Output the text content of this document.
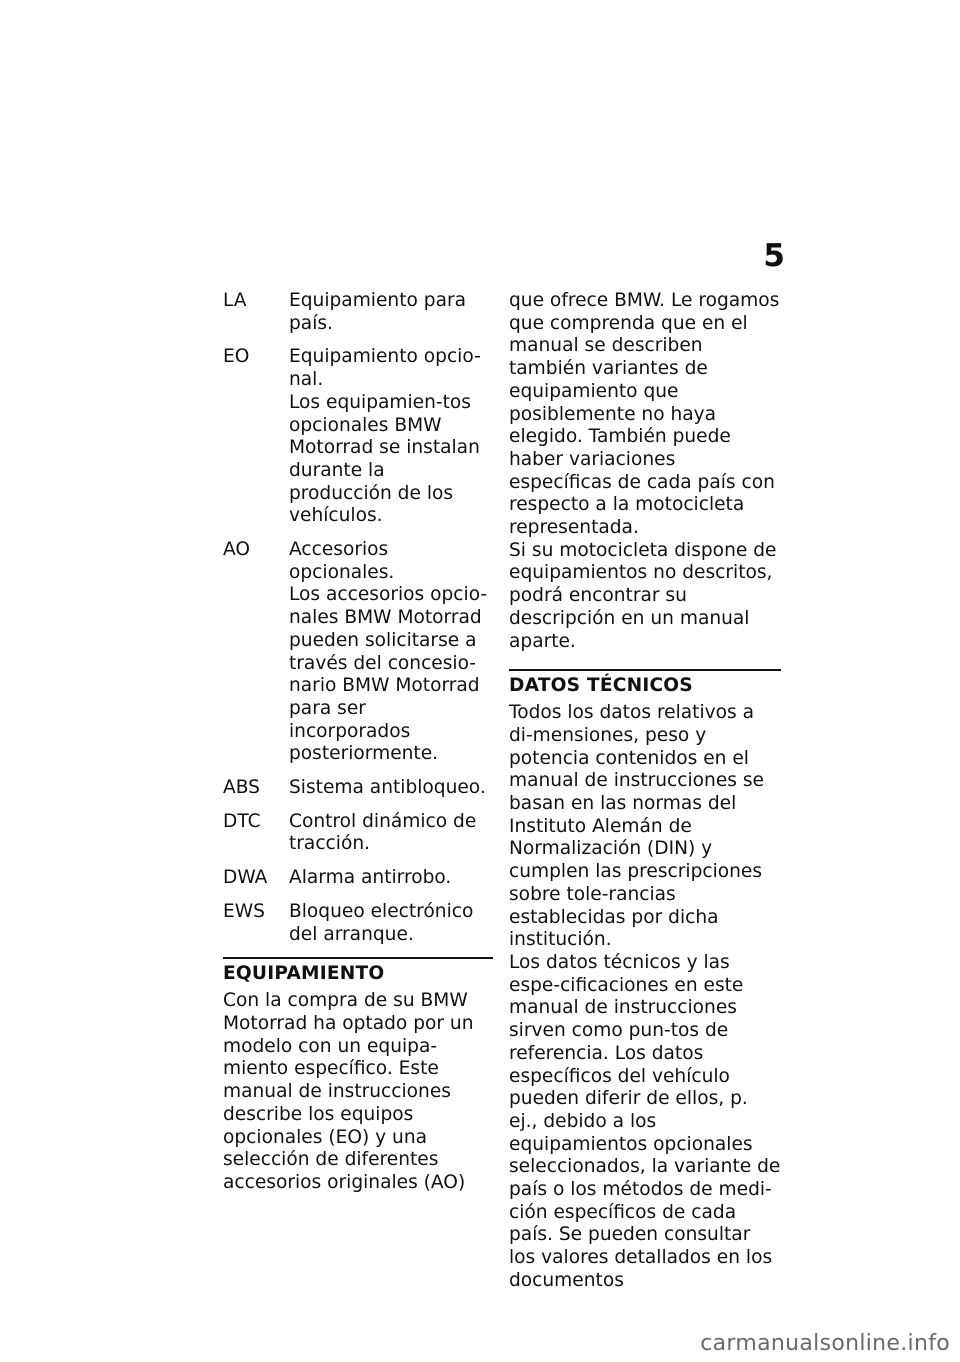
5
LA	Equipamiento para país.

EO	Equipamiento opcio-nal.

Los equipamien-tos opcionales BMW Motorrad se instalan durante la producción de los vehículos.

AO	Accesorios opcionales.

Los accesorios opcio-nales BMW Motorrad pueden solicitarse a través del concesio-nario BMW Motorrad para ser incorporados posteriormente.

ABS	Sistema antibloqueo.

DTC	Control dinámico de tracción.

DWA	Alarma antirrobo.

EWS	Bloqueo electrónico del arranque.

EQUIPAMIENTO

Con la compra de su BMW Motorrad ha optado por un modelo con un equipa-miento específico. Este manual de instrucciones describe los equipos opcionales (EO) y una selección de diferentes accesorios originales (AO)

que ofrece BMW. Le rogamos que comprenda que en el manual se describen también variantes de equipamiento que posiblemente no haya elegido. También puede haber variaciones específicas de cada país con respecto a la motocicleta representada.

Si su motocicleta dispone de equipamientos no descritos, podrá encontrar su descripción en un manual aparte.

DATOS TÉCNICOS

Todos los datos relativos a di-mensiones, peso y potencia contenidos en el manual de instrucciones se basan en las normas del Instituto Alemán de Normalización (DIN) y cumplen las prescripciones sobre tole-rancias establecidas por dicha institución.

Los datos técnicos y las espe-cificaciones en este manual de instrucciones sirven como pun-tos de referencia. Los datos específicos del vehículo pueden diferir de ellos, p. ej., debido a los equipamientos opcionales seleccionados, la variante de país o los métodos de medi-ción específicos de cada país. Se pueden consultar los valores detallados en los documentos

carmanualsonline.info
